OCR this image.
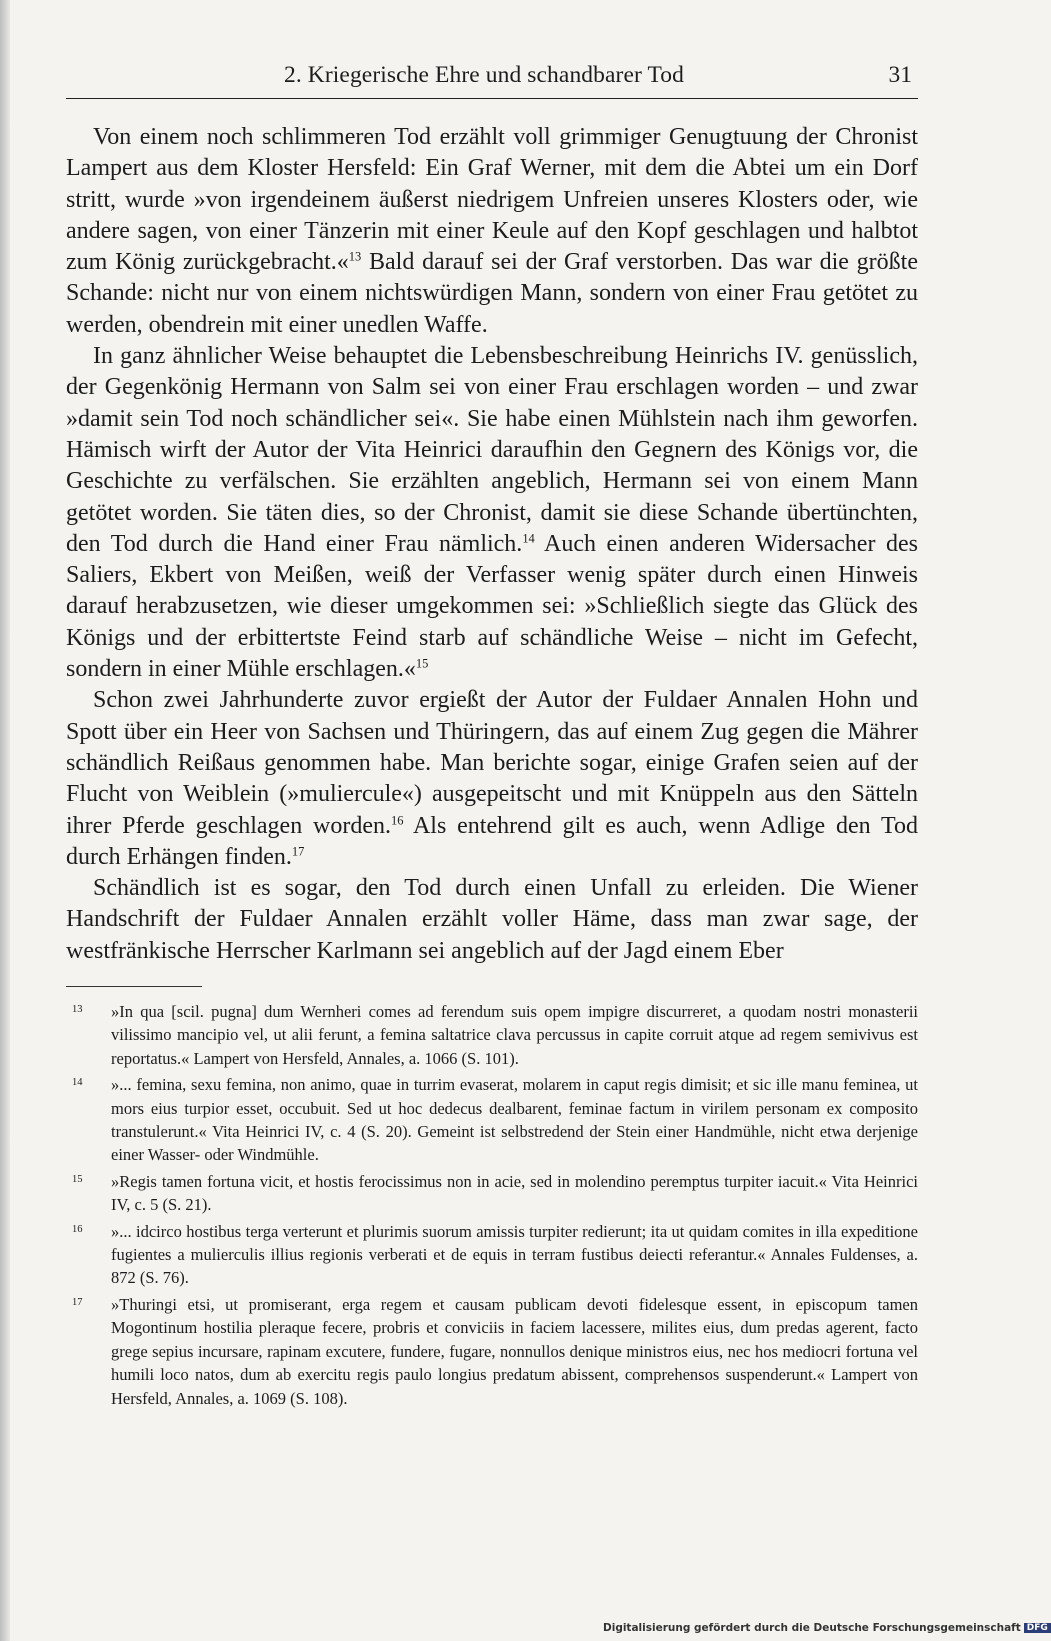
2. Kriegerische Ehre und schandbarer Tod	31

Von einem noch schlimmeren Tod erzählt voll grimmiger Genugtuung der Chronist Lampert aus dem Kloster Hersfeld: Ein Graf Werner, mit dem die Abtei um ein Dorf stritt, wurde »von irgendeinem äußerst niedrigem Unfreien unseres Klosters oder, wie andere sagen, von einer Tänzerin mit einer Keule auf den Kopf geschlagen und halbtot zum König zurückgebracht.«$^{13}$ Bald darauf sei der Graf verstorben. Das war die größte Schande: nicht nur von einem nichtswürdigen Mann, sondern von einer Frau getötet zu werden, obendrein mit einer unedlen Waffe.

In ganz ähnlicher Weise behauptet die Lebensbeschreibung Heinrichs IV. genüsslich, der Gegenkönig Hermann von Salm sei von einer Frau erschlagen worden – und zwar »damit sein Tod noch schändlicher sei«. Sie habe einen Mühlstein nach ihm geworfen. Hämisch wirft der Autor der Vita Heinrici daraufhin den Gegnern des Königs vor, die Geschichte zu verfälschen. Sie erzählten angeblich, Hermann sei von einem Mann getötet worden. Sie täten dies, so der Chronist, damit sie diese Schande übertünchten, den Tod durch die Hand einer Frau nämlich.$^{14}$ Auch einen anderen Widersacher des Saliers, Ekbert von Meißen, weiß der Verfasser wenig später durch einen Hinweis darauf herabzusetzen, wie dieser umgekommen sei: »Schließlich siegte das Glück des Königs und der erbittertste Feind starb auf schändliche Weise – nicht im Gefecht, sondern in einer Mühle erschlagen.«$^{15}$

Schon zwei Jahrhunderte zuvor ergießt der Autor der Fuldaer Annalen Hohn und Spott über ein Heer von Sachsen und Thüringern, das auf einem Zug gegen die Mährer schändlich Reißaus genommen habe. Man berichte sogar, einige Grafen seien auf der Flucht von Weiblein (»muliercule«) ausgepeitscht und mit Knüppeln aus den Sätteln ihrer Pferde geschlagen worden.$^{16}$ Als entehrend gilt es auch, wenn Adlige den Tod durch Erhängen finden.$^{17}$

Schändlich ist es sogar, den Tod durch einen Unfall zu erleiden. Die Wiener Handschrift der Fuldaer Annalen erzählt voller Häme, dass man zwar sage, der westfränkische Herrscher Karlmann sei angeblich auf der Jagd einem Eber

13 »In qua [scil. pugna] dum Wernheri comes ad ferendum suis opem impigre discurreret, a quodam nostri monasterii vilissimo mancipio vel, ut alii ferunt, a femina saltatrice clava percussus in capite corruit atque ad regem semivivus est reportatus.« Lampert von Hersfeld, Annales, a. 1066 (S. 101).
14 »... femina, sexu femina, non animo, quae in turrim evaserat, molarem in caput regis dimisit; et sic ille manu feminea, ut mors eius turpior esset, occubuit. Sed ut hoc dedecus dealbarent, feminae factum in virilem personam ex composito transtulerunt.« Vita Heinrici IV, c. 4 (S. 20). Gemeint ist selbstredend der Stein einer Handmühle, nicht etwa derjenige einer Wasser- oder Windmühle.
15 »Regis tamen fortuna vicit, et hostis ferocissimus non in acie, sed in molendino peremptus turpiter iacuit.« Vita Heinrici IV, c. 5 (S. 21).
16 »... idcirco hostibus terga verterunt et plurimis suorum amissis turpiter redierunt; ita ut quidam comites in illa expeditione fugientes a mulierculis illius regionis verberati et de equis in terram fustibus deiecti referantur.« Annales Fuldenses, a. 872 (S. 76).
17 »Thuringi etsi, ut promiserant, erga regem et causam publicam devoti fidelesque essent, in episcopum tamen Mogontinum hostilia pleraque fecere, probris et conviciis in faciem lacessere, milites eius, dum predas agerent, facto grege sepius incursare, rapinam excutere, fundere, fugare, nonnullos denique ministros eius, nec hos mediocri fortuna vel humili loco natos, dum ab exercitu regis paulo longius predatum abissent, comprehensos suspenderunt.« Lampert von Hersfeld, Annales, a. 1069 (S. 108).
Digitalisierung gefördert durch die Deutsche Forschungsgemeinschaft DFG
